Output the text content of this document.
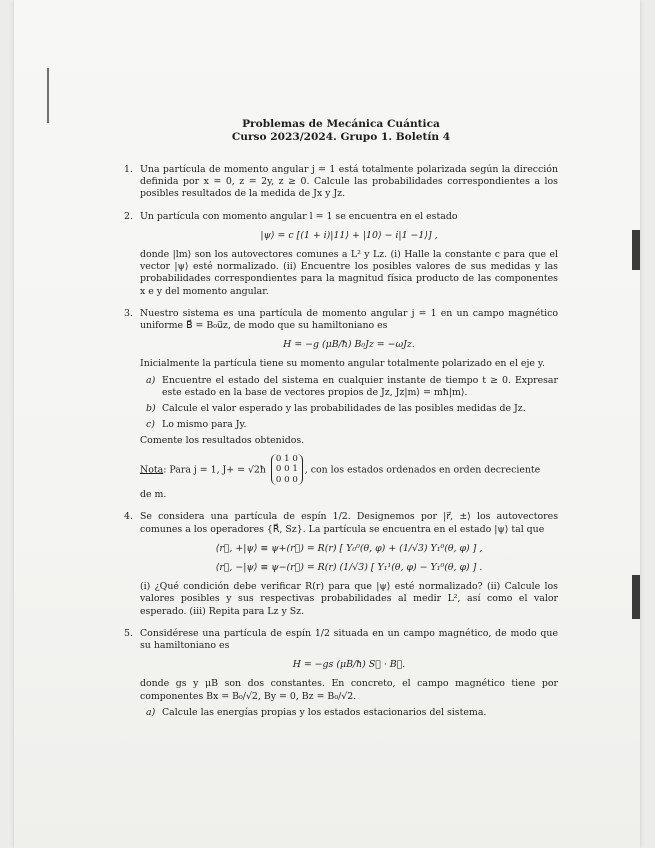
Problemas de Mecánica Cuántica
Curso 2023/2024. Grupo 1. Boletín 4
1. Una partícula de momento angular j = 1 está totalmente polarizada según la dirección definida por x = 0, z = 2y, z ≥ 0. Calcule las probabilidades correspondientes a los posibles resultados de la medida de Jx y Jz.

2. Un partícula con momento angular l = 1 se encuentra en el estado

|ψ⟩ = c [(1 + i)|11⟩ + |10⟩ − i|1 −1⟩] ,

donde |lm⟩ son los autovectores comunes a L² y Lz. (i) Halle la constante c para que el vector |ψ⟩ esté normalizado. (ii) Encuentre los posibles valores de sus medidas y las probabilidades correspondientes para la magnitud física producto de las componentes x e y del momento angular.

3. Nuestro sistema es una partícula de momento angular j = 1 en un campo magnético uniforme B⃗ = B₀u⃗z, de modo que su hamiltoniano es

H = −g (μB/ħ) B₀Jz = −ωJz.

Inicialmente la partícula tiene su momento angular totalmente polarizado en el eje y.

a) Encuentre el estado del sistema en cualquier instante de tiempo t ≥ 0. Expresar este estado en la base de vectores propios de Jz, Jz|m⟩ = mħ|m⟩.
b) Calcule el valor esperado y las probabilidades de las posibles medidas de Jz.
c) Lo mismo para Jy.

Comente los resultados obtenidos.

Nota: Para j = 1, J+ = √2ħ
0 1 0
0 0 1
0 0 0
, con los estados ordenados en orden decreciente

de m.

4. Se considera una partícula de espín 1/2. Designemos por |r⃗, ±⟩ los autovectores comunes a los operadores {R⃗, Sz}. La partícula se encuentra en el estado |ψ⟩ tal que

⟨r⃗, +|ψ⟩ ≡ ψ+(r⃗) = R(r) [ Y₀⁰(θ, φ) + (1/√3) Y₁⁰(θ, φ) ] ,
⟨r⃗, −|ψ⟩ ≡ ψ−(r⃗) = R(r) (1/√3) [ Y₁¹(θ, φ) − Y₁⁰(θ, φ) ] .

(i) ¿Qué condición debe verificar R(r) para que |ψ⟩ esté normalizado? (ii) Calcule los valores posibles y sus respectivas probabilidades al medir L², así como el valor esperado. (iii) Repita para Lz y Sz.

5. Considérese una partícula de espín 1/2 situada en un campo magnético, de modo que su hamiltoniano es

H = −gs (μB/ħ) S⃗ · B⃗.

donde gs y μB son dos constantes. En concreto, el campo magnético tiene por componentes Bx = B₀/√2, By = 0, Bz = B₀/√2.

a) Calcule las energías propias y los estados estacionarios del sistema.
